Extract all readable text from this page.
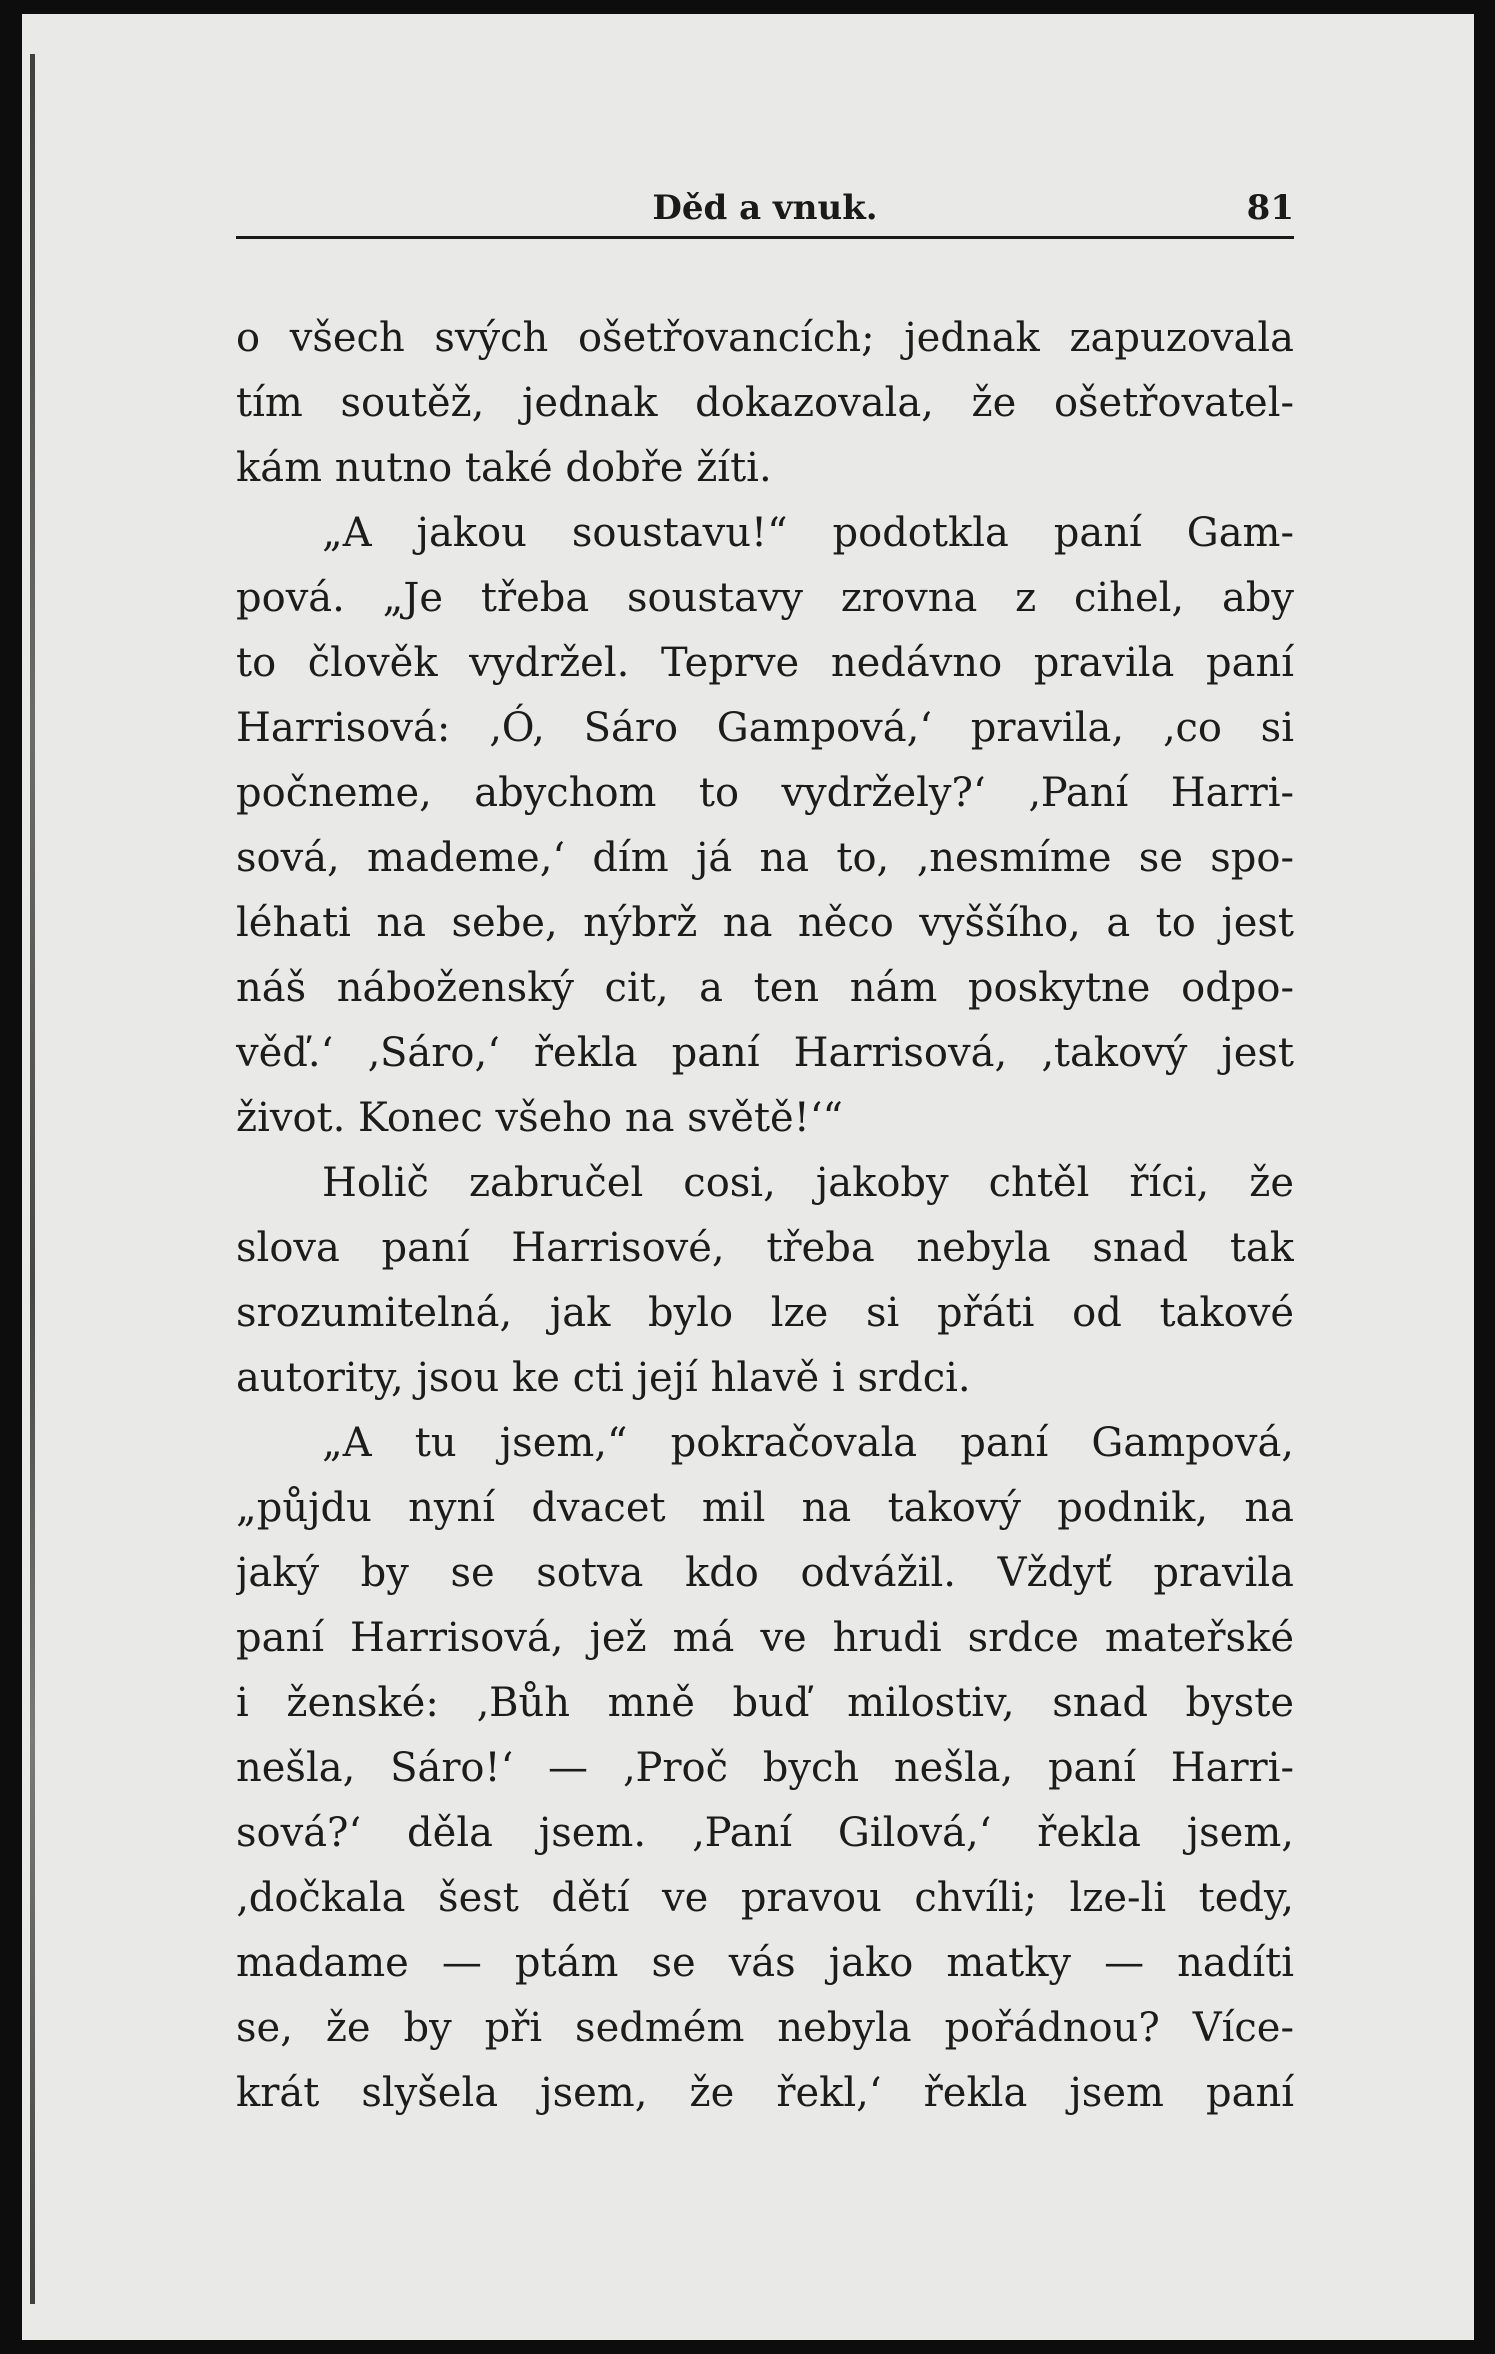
Děd a vnuk.	81
o všech svých ošetřovancích; jednak zapuzovala
tím soutěž, jednak dokazovala, že ošetřovatel-
kám nutno také dobře žíti.
„A jakou soustavu!“ podotkla paní Gam-
pová. „Je třeba soustavy zrovna z cihel, aby
to člověk vydržel. Teprve nedávno pravila paní
Harrisová: ‚Ó, Sáro Gampová,‘ pravila, ‚co si
počneme, abychom to vydržely?‘ ‚Paní Harri-
sová, mademe,‘ dím já na to, ‚nesmíme se spo-
léhati na sebe, nýbrž na něco vyššího, a to jest
náš náboženský cit, a ten nám poskytne odpo-
věď.‘ ‚Sáro,‘ řekla paní Harrisová, ‚takový jest
život. Konec všeho na světě!‘“
Holič zabručel cosi, jakoby chtěl říci, že
slova paní Harrisové, třeba nebyla snad tak
srozumitelná, jak bylo lze si přáti od takové
autority, jsou ke cti její hlavě i srdci.
„A tu jsem,“ pokračovala paní Gampová,
„půjdu nyní dvacet mil na takový podnik, na
jaký by se sotva kdo odvážil. Vždyť pravila
paní Harrisová, jež má ve hrudi srdce mateřské
i ženské: ‚Bůh mně buď milostiv, snad byste
nešla, Sáro!‘ — ‚Proč bych nešla, paní Harri-
sová?‘ děla jsem. ‚Paní Gilová,‘ řekla jsem,
‚dočkala šest dětí ve pravou chvíli; lze-li tedy,
madame — ptám se vás jako matky — nadíti
se, že by při sedmém nebyla pořádnou? Více-
krát slyšela jsem, že řekl,‘ řekla jsem paní
